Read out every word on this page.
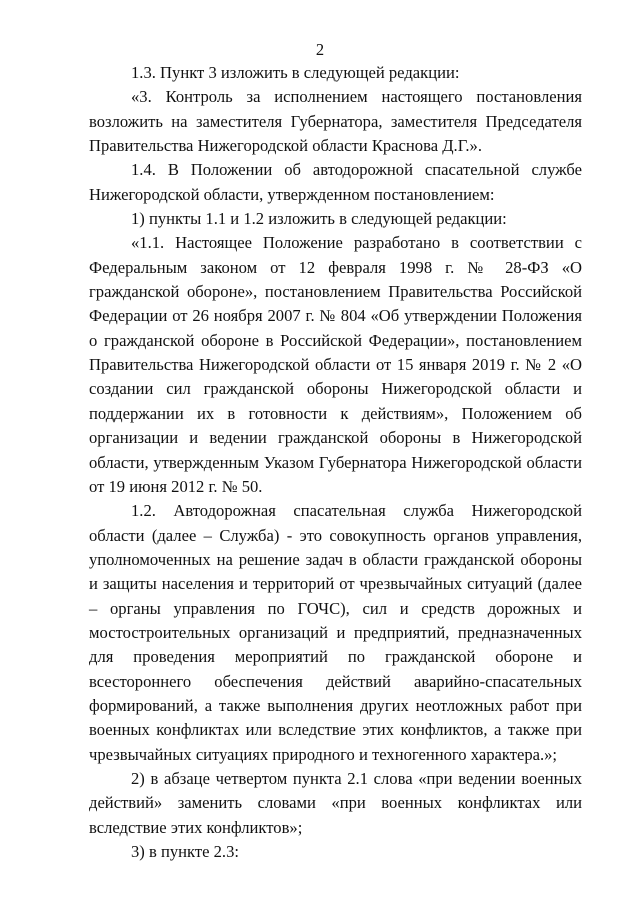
2

1.3. Пункт 3 изложить в следующей редакции:

«3. Контроль за исполнением настоящего постановления возложить на заместителя Губернатора, заместителя Председателя Правительства Нижегородской области Краснова Д.Г.».

1.4. В Положении об автодорожной спасательной службе Нижегородской области, утвержденном постановлением:

1) пункты 1.1 и 1.2 изложить в следующей редакции:

«1.1. Настоящее Положение разработано в соответствии с Федеральным законом от 12 февраля 1998 г. № 28-ФЗ «О гражданской обороне», постановлением Правительства Российской Федерации от 26 ноября 2007 г. № 804 «Об утверждении Положения о гражданской обороне в Российской Федерации», постановлением Правительства Нижегородской области от 15 января 2019 г. № 2 «О создании сил гражданской обороны Нижегородской области и поддержании их в готовности к действиям», Положением об организации и ведении гражданской обороны в Нижегородской области, утвержденным Указом Губернатора Нижегородской области от 19 июня 2012 г. № 50.

1.2. Автодорожная спасательная служба Нижегородской области (далее – Служба) - это совокупность органов управления, уполномоченных на решение задач в области гражданской обороны и защиты населения и территорий от чрезвычайных ситуаций (далее – органы управления по ГОЧС), сил и средств дорожных и мостостроительных организаций и предприятий, предназначенных для проведения мероприятий по гражданской обороне и всестороннего обеспечения действий аварийно-спасательных формирований, а также выполнения других неотложных работ при военных конфликтах или вследствие этих конфликтов, а также при чрезвычайных ситуациях природного и техногенного характера.»;

2) в абзаце четвертом пункта 2.1 слова «при ведении военных действий» заменить словами «при военных конфликтах или вследствие этих конфликтов»;

3) в пункте 2.3:
